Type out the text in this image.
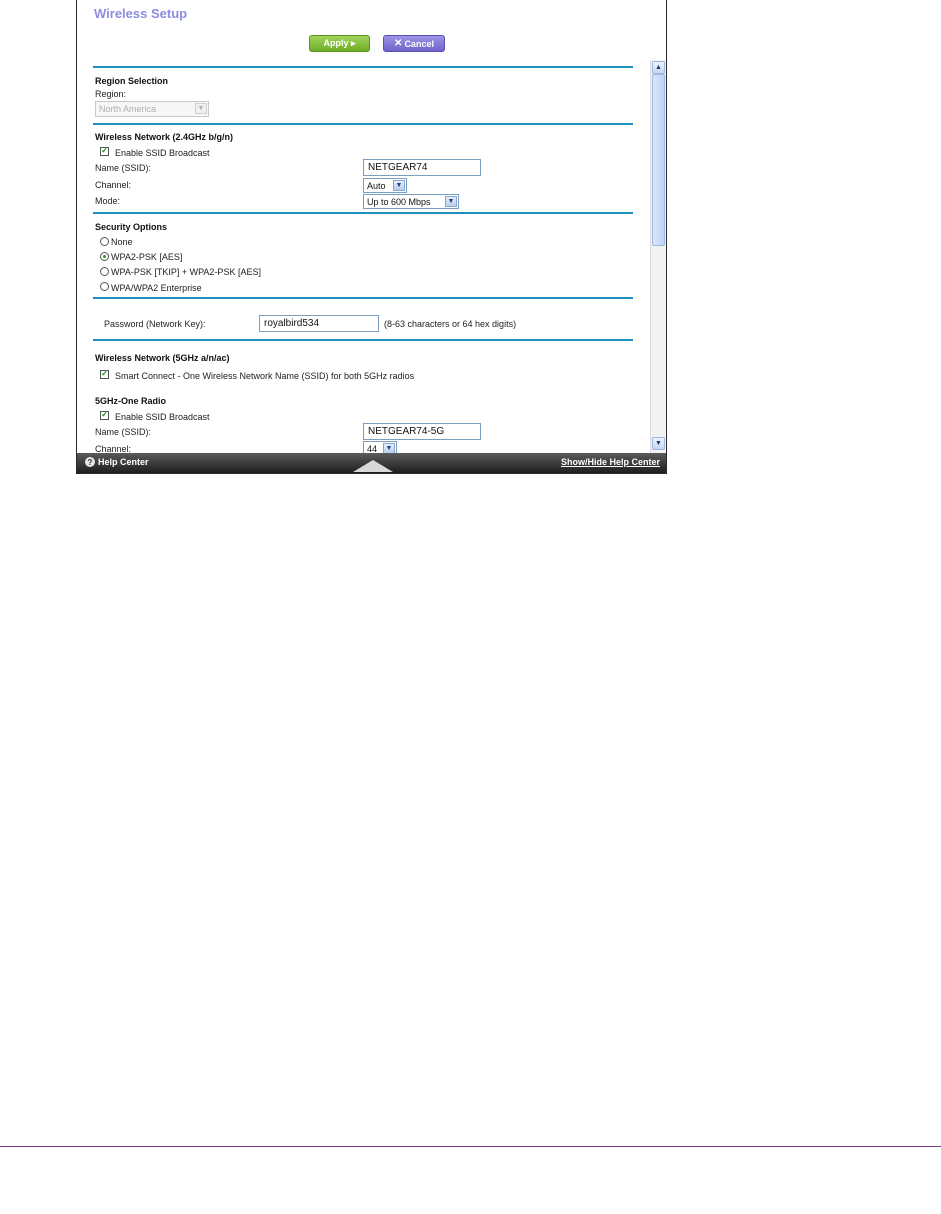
Wireless Setup
Apply ▸	✕ Cancel
Region Selection
Region:
North America	▼
Wireless Network (2.4GHz b/g/n)
✓
Enable SSID Broadcast
Name (SSID):
NETGEAR74
Channel:	Auto	▼
Mode:	Up to 600 Mbps	▼
Security Options
None
WPA2-PSK [AES]
WPA-PSK [TKIP] + WPA2-PSK [AES]
WPA/WPA2 Enterprise
Password (Network Key):
royalbird534	(8-63 characters or 64 hex digits)
Wireless Network (5GHz a/n/ac)
✓
Smart Connect - One Wireless Network Name (SSID) for both 5GHz radios
5GHz-One Radio
✓
Enable SSID Broadcast
Name (SSID):
NETGEAR74-5G
Channel:	44	▼
▲
▼
? Help Center	Show/Hide Help Center
